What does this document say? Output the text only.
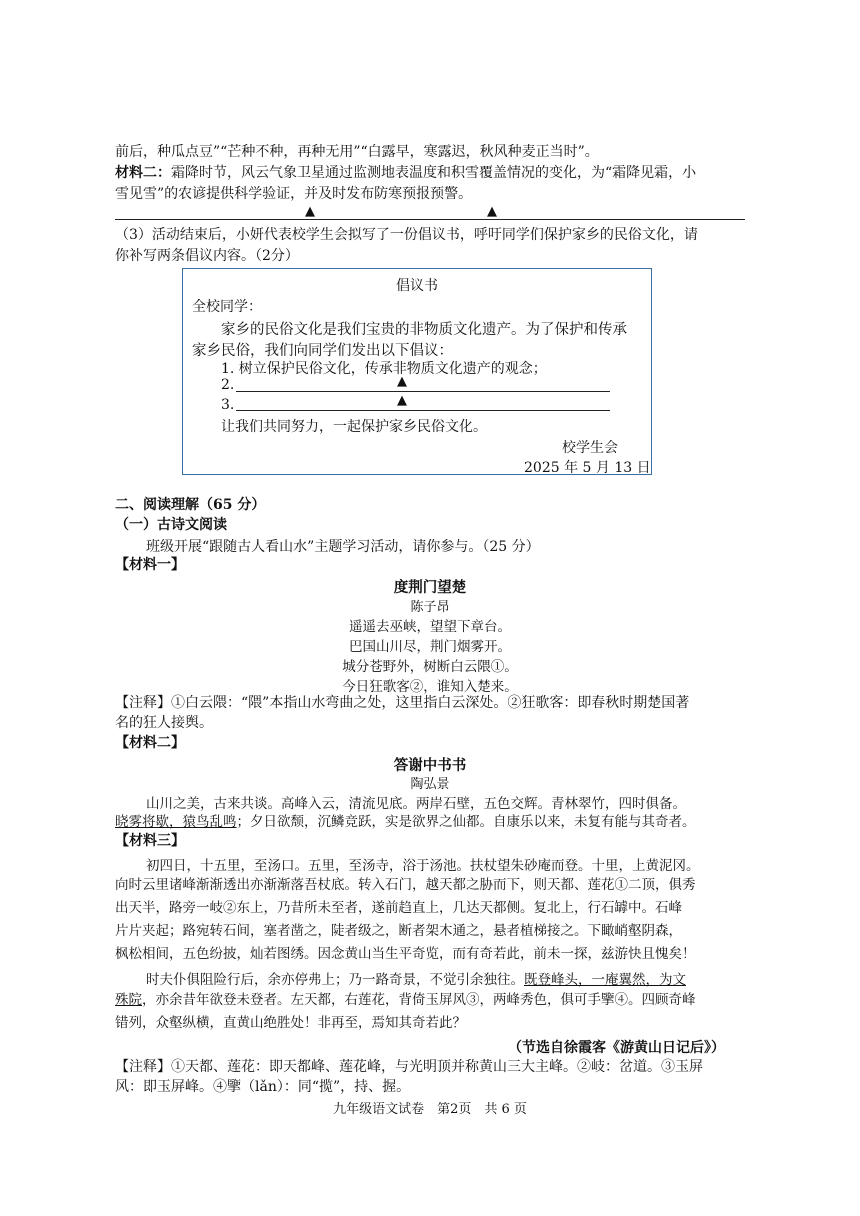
前后，种瓜点豆”“芒种不种，再种无用”“白露早，寒露迟，秋风种麦正当时”。
材料二：霜降时节，风云气象卫星通过监测地表温度和积雪覆盖情况的变化，为“霜降见霜，小
雪见雪”的农谚提供科学验证，并及时发布防寒预报预警。
▲	▲
（3）活动结束后，小妍代表校学生会拟写了一份倡议书，呼吁同学们保护家乡的民俗文化，请
你补写两条倡议内容。（2分）
倡议书
全校同学：
家乡的民俗文化是我们宝贵的非物质文化遗产。为了保护和传承
家乡民俗，我们向同学们发出以下倡议：
1. 树立保护民俗文化，传承非物质文化遗产的观念；
2.	▲
3.	▲
让我们共同努力，一起保护家乡民俗文化。
校学生会
2025 年 5 月 13 日
二、阅读理解（65 分）
（一）古诗文阅读
班级开展“跟随古人看山水”主题学习活动，请你参与。（25 分）
【材料一】
度荆门望楚
陈子昂
遥遥去巫峡，望望下章台。
巴国山川尽，荆门烟雾开。
城分苍野外，树断白云隈①。
今日狂歌客②，谁知入楚来。
【注释】①白云隈：“隈”本指山水弯曲之处，这里指白云深处。②狂歌客：即春秋时期楚国著
名的狂人接舆。
【材料二】
答谢中书书
陶弘景
山川之美，古来共谈。高峰入云，清流见底。两岸石壁，五色交辉。青林翠竹，四时俱备。
晓雾将歇，猿鸟乱鸣；夕日欲颓，沉鳞竞跃，实是欲界之仙都。自康乐以来，未复有能与其奇者。
【材料三】
初四日，十五里，至汤口。五里，至汤寺，浴于汤池。扶杖望朱砂庵而登。十里，上黄泥冈。
向时云里诸峰渐渐透出亦渐渐落吾杖底。转入石门，越天都之胁而下，则天都、莲花①二顶，俱秀
出天半，路旁一岐②东上，乃昔所未至者，遂前趋直上，几达天都侧。复北上，行石罅中。石峰
片片夹起；路宛转石间，塞者凿之，陡者级之，断者架木通之，悬者植梯接之。下瞰峭壑阴森，
枫松相间，五色纷披，灿若图绣。因念黄山当生平奇览，而有奇若此，前未一探，兹游快且愧矣！
时夫仆俱阻险行后，余亦停弗上；乃一路奇景，不觉引余独往。既登峰头，一庵翼然，为文
殊院，亦余昔年欲登未登者。左天都，右莲花，背倚玉屏风③，两峰秀色，俱可手擥④。四顾奇峰
错列，众壑纵横，直黄山绝胜处！非再至，焉知其奇若此？
（节选自徐霞客《游黄山日记后》）
【注释】①天都、莲花：即天都峰、莲花峰，与光明顶并称黄山三大主峰。②岐：岔道。③玉屏
风：即玉屏峰。④擥（lǎn）：同“揽”，持、握。
九年级语文试卷　第2页　共 6 页
